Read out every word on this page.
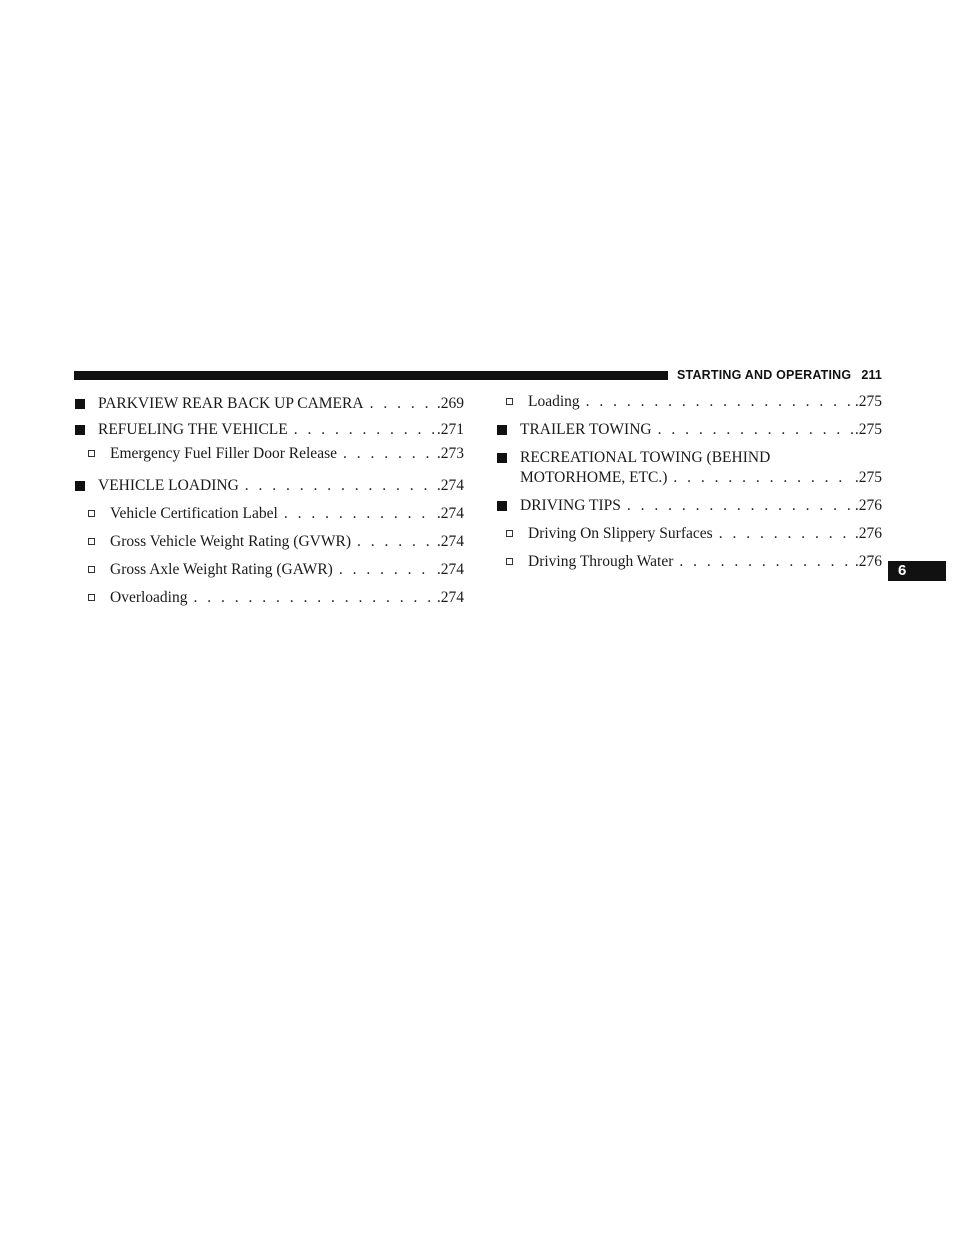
STARTING AND OPERATING 211
PARKVIEW REAR BACK UP CAMERA . . .	.269
REFUELING THE VEHICLE . . .	.271
Emergency Fuel Filler Door Release . . .	.273
VEHICLE LOADING . . .	.274
Vehicle Certification Label . . .	.274
Gross Vehicle Weight Rating (GVWR) . . .	.274
Gross Axle Weight Rating (GAWR) . . .	.274
Overloading . . .	.274
Loading . . .	.275
TRAILER TOWING . . .	.275
RECREATIONAL TOWING (BEHIND
MOTORHOME, ETC.) . . .	.275
DRIVING TIPS . . .	.276
Driving On Slippery Surfaces . . .	.276
Driving Through Water . . .	.276
6
